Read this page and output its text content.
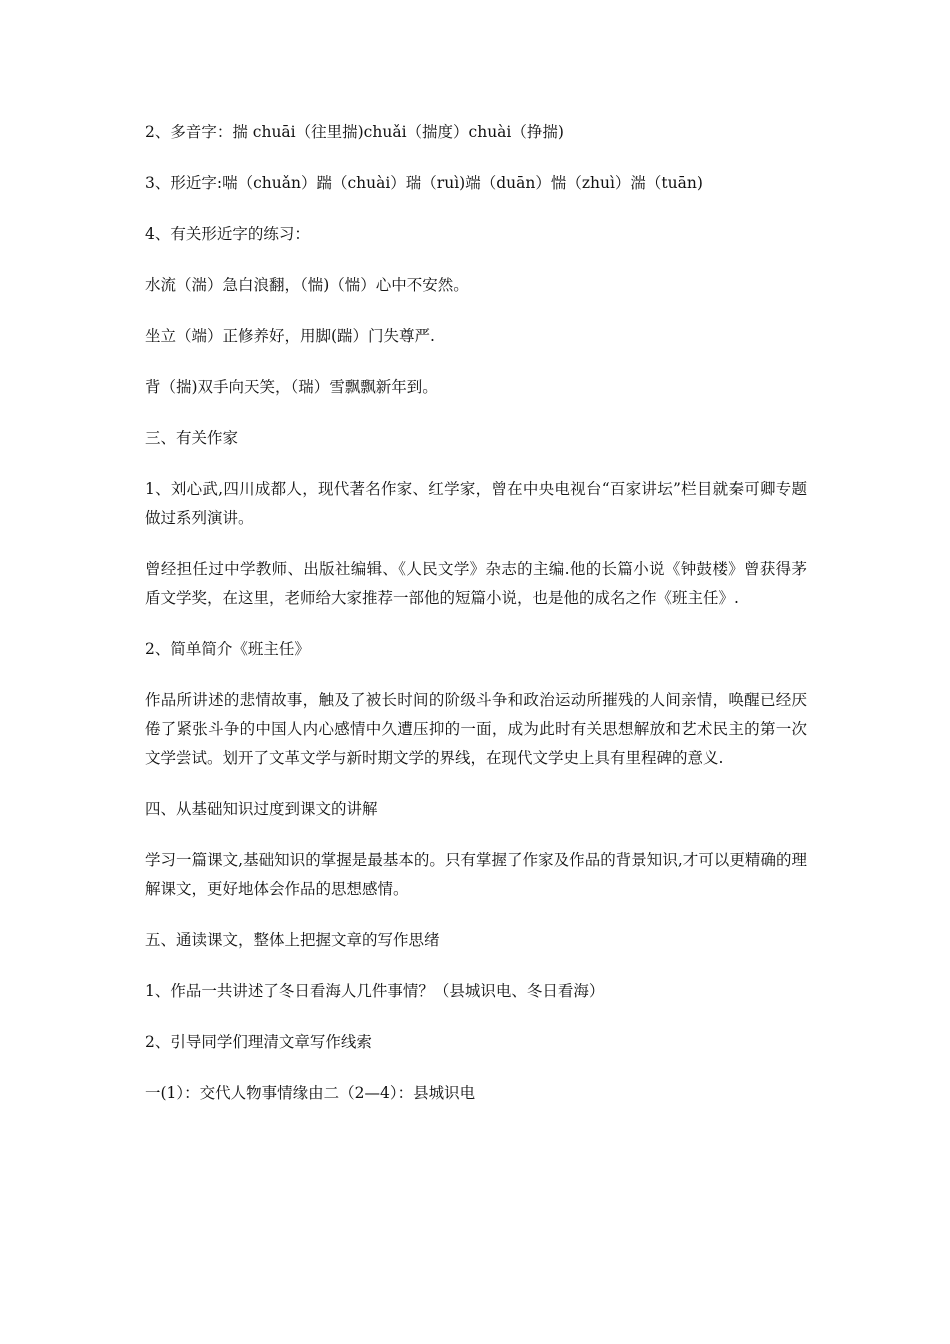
2、多音字：揣 chuāi（往里揣)chuǎi（揣度）chuài（挣揣)

3、形近字:喘（chuǎn）踹（chuài）瑞（ruì)端（duān）惴（zhuì）湍（tuān)

4、有关形近字的练习：

水流（湍）急白浪翻，（惴)（惴）心中不安然。

坐立（端）正修养好，用脚(踹）门失尊严.

背（揣)双手向天笑，（瑞）雪飘飘新年到。

三、有关作家

1、刘心武,四川成都人，现代著名作家、红学家，曾在中央电视台“百家讲坛”栏目就秦可卿专题做过系列演讲。

曾经担任过中学教师、出版社编辑、《人民文学》杂志的主编.他的长篇小说《钟鼓楼》曾获得茅盾文学奖，在这里，老师给大家推荐一部他的短篇小说，也是他的成名之作《班主任》.

2、简单简介《班主任》

作品所讲述的悲情故事，触及了被长时间的阶级斗争和政治运动所摧残的人间亲情，唤醒已经厌倦了紧张斗争的中国人内心感情中久遭压抑的一面，成为此时有关思想解放和艺术民主的第一次文学尝试。划开了文革文学与新时期文学的界线，在现代文学史上具有里程碑的意义.

四、从基础知识过度到课文的讲解

学习一篇课文,基础知识的掌握是最基本的。只有掌握了作家及作品的背景知识,才可以更精确的理解课文，更好地体会作品的思想感情。

五、通读课文，整体上把握文章的写作思绪

1、作品一共讲述了冬日看海人几件事情？（县城识电、冬日看海）

2、引导同学们理清文章写作线索

一(1）：交代人物事情缘由二（2—4）：县城识电
